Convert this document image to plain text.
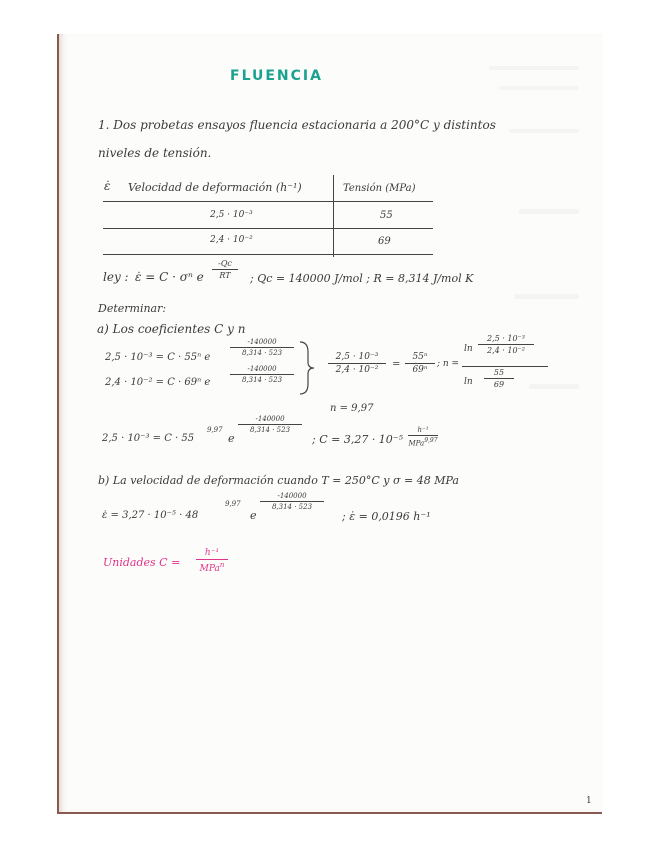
FLUENCIA
1. Dos probetas ensayos fluencia estacionaria a 200°C y distintos
niveles de tensión.
ε̇ Velocidad de deformación (h⁻¹)	Tensión (MPa)
2,5 · 10⁻³	55
2,4 · 10⁻²	69
ley : ε̇ = C · σⁿ e
-Qc
RT	; Qc = 140000 J/mol ; R = 8,314 J/mol K
Determinar:
a) Los coeficientes C y n
2,5 · 10⁻³ = C · 55ⁿ e
-140000
8,314 · 523
2,4 · 10⁻² = C · 69ⁿ e
-140000
8,314 · 523
2,5 · 10⁻³
2,4 · 10⁻²	=
55ⁿ
69ⁿ
; n =
ln
2,5 · 10⁻³
2,4 · 10⁻²
ln
55
69
n = 9,97
2,5 · 10⁻³ = C · 55
9,97
e
-140000
8,314 · 523
; C = 3,27 · 10⁻⁵
h⁻¹
MPa$^{9,97}$
b) La velocidad de deformación cuando T = 250°C y σ = 48 MPa
ε̇ = 3,27 · 10⁻⁵ · 48
9,97
e
-140000
8,314 · 523
; ε̇ = 0,0196 h⁻¹
Unidades C =
h⁻¹
MPa$^n$
1
